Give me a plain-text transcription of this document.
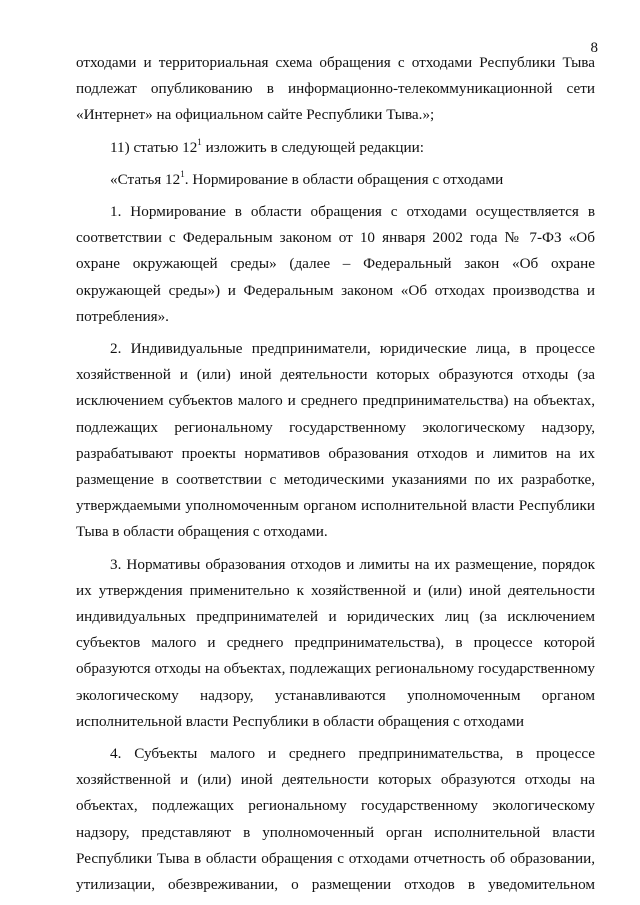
8

отходами и территориальная схема обращения с отходами Республики Тыва подлежат опубликованию в информационно-телекоммуникационной сети «Интернет» на официальном сайте Республики Тыва.»;

11) статью $12^1$ изложить в следующей редакции:

«Статья $12^1$. Нормирование в области обращения с отходами

1. Нормирование в области обращения с отходами осуществляется в соответствии с Федеральным законом от 10 января 2002 года № 7-ФЗ «Об охране окружающей среды» (далее – Федеральный закон «Об охране окружающей среды») и Федеральным законом «Об отходах производства и потребления».

2. Индивидуальные предприниматели, юридические лица, в процессе хозяйственной и (или) иной деятельности которых образуются отходы (за исключением субъектов малого и среднего предпринимательства) на объектах, подлежащих региональному государственному экологическому надзору, разрабатывают проекты нормативов образования отходов и лимитов на их размещение в соответствии с методическими указаниями по их разработке, утверждаемыми уполномоченным органом исполнительной власти Республики Тыва в области обращения с отходами.

3. Нормативы образования отходов и лимиты на их размещение, порядок их утверждения применительно к хозяйственной и (или) иной деятельности индивидуальных предпринимателей и юридических лиц (за исключением субъектов малого и среднего предпринимательства), в процессе которой образуются отходы на объектах, подлежащих региональному государственному экологическому надзору, устанавливаются уполномоченным органом исполнительной власти Республики в области обращения с отходами

4. Субъекты малого и среднего предпринимательства, в процессе хозяйственной и (или) иной деятельности которых образуются отходы на объектах, подлежащих региональному государственному экологическому надзору, представляют в уполномоченный орган исполнительной власти Республики Тыва в области обращения с отходами отчетность об образовании, утилизации, обезвреживании, о размещении отходов в уведомительном
